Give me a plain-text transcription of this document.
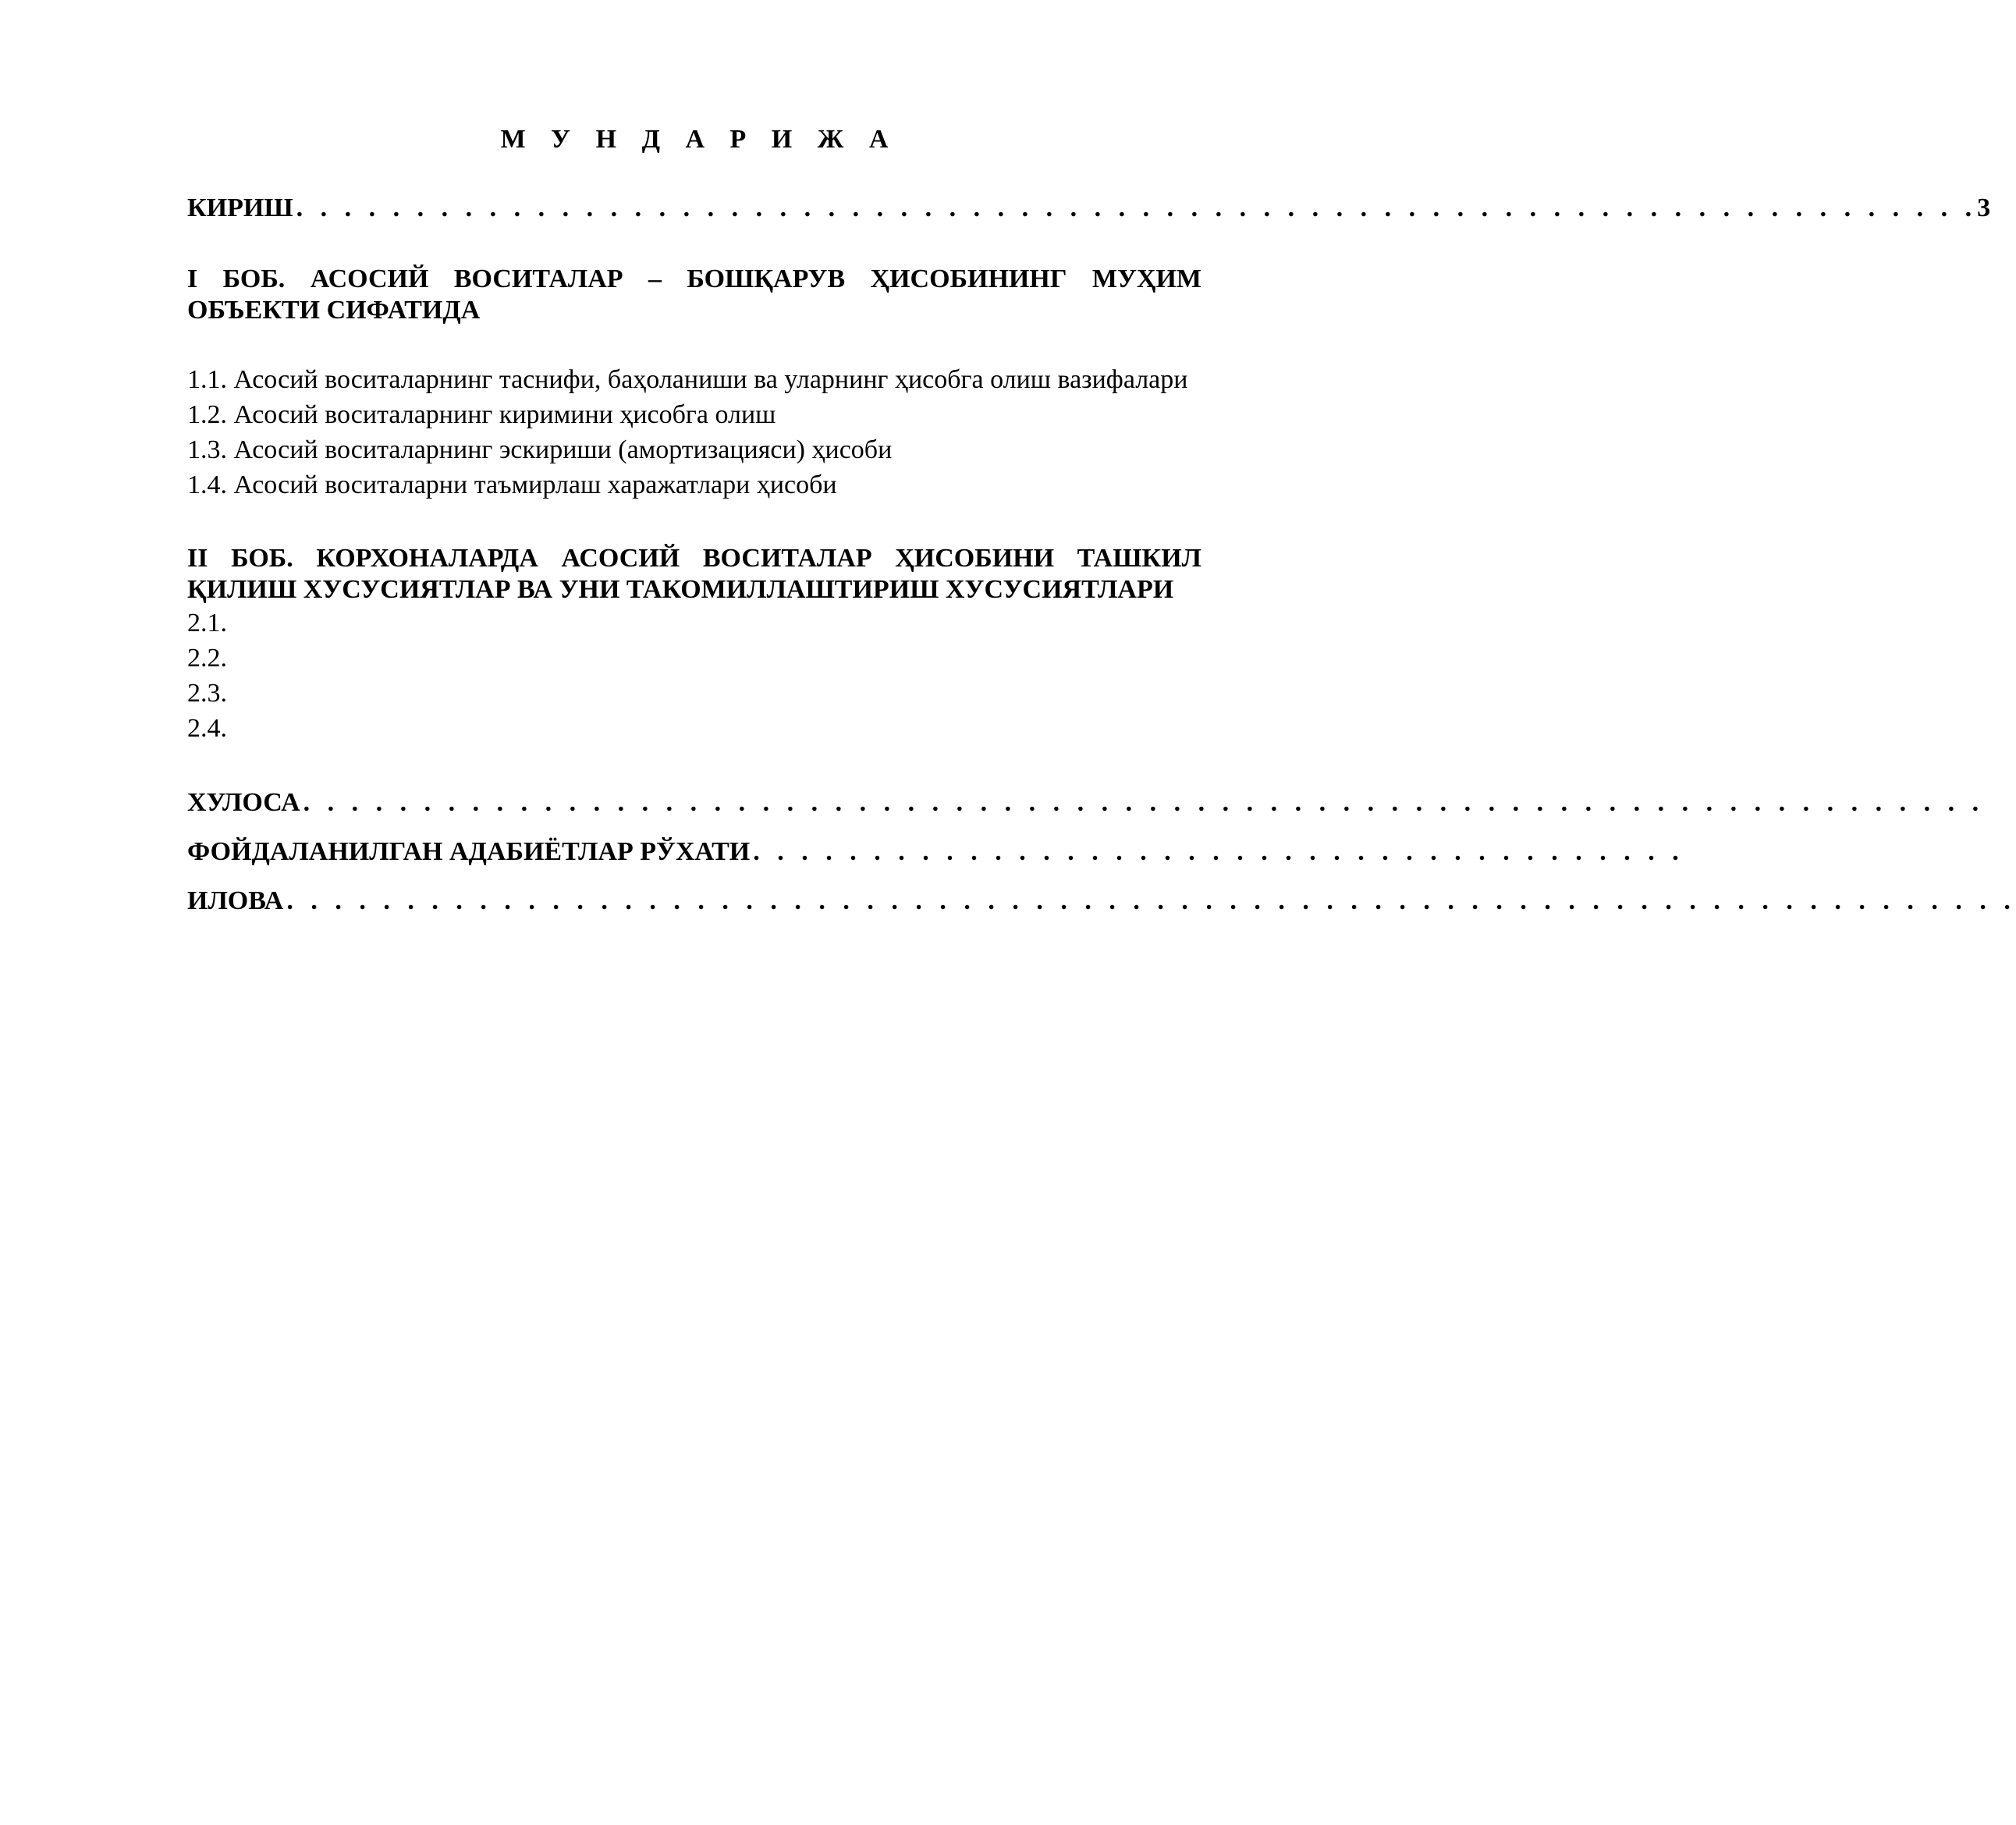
М У Н Д А Р И Ж А
КИРИШ . . . . . . . . . . . . . . . . . . . . . . . . . . . . . . . . . . . . . . . . . . . . . . . . . . . . . . . . . . . . . . . . . . . . . . 3
I БОБ. АСОСИЙ ВОСИТАЛАР – БОШҚАРУВ ҲИСОБИНИНГ МУҲИМ ОБЪЕКТИ СИФАТИДА
1.1. Асосий воситаларнинг таснифи, баҳоланиши ва уларнинг ҳисобга олиш вазифалари
1.2. Асосий воситаларнинг киримини ҳисобга олиш
1.3. Асосий воситаларнинг эскириши (амортизацияси) ҳисоби
1.4. Асосий воситаларни таъмирлаш харажатлари ҳисоби
II БОБ. КОРХОНАЛАРДА АСОСИЙ ВОСИТАЛАР ҲИСОБИНИ ТАШКИЛ ҚИЛИШ ХУСУСИЯТЛАР ВА УНИ ТАКОМИЛЛАШТИРИШ ХУСУСИЯТЛАРИ
2.1.
2.2.
2.3.
2.4.
ХУЛОСА . . . . . . . . . . . . . . . . . . . . . . . . . . . . . . . . . . . . . . . . . . . . . . . . . . . . . . . . . . . . . . . . . . . . . .
ФОЙДАЛАНИЛГАН АДАБИЁТЛАР РЎХАТИ . . . . . . . . . . . . . . . . . . . . . . . . . . . . . . . . . . . . . . .
ИЛОВА . . . . . . . . . . . . . . . . . . . . . . . . . . . . . . . . . . . . . . . . . . . . . . . . . . . . . . . . . . . . . . . . . . . . . . . .
